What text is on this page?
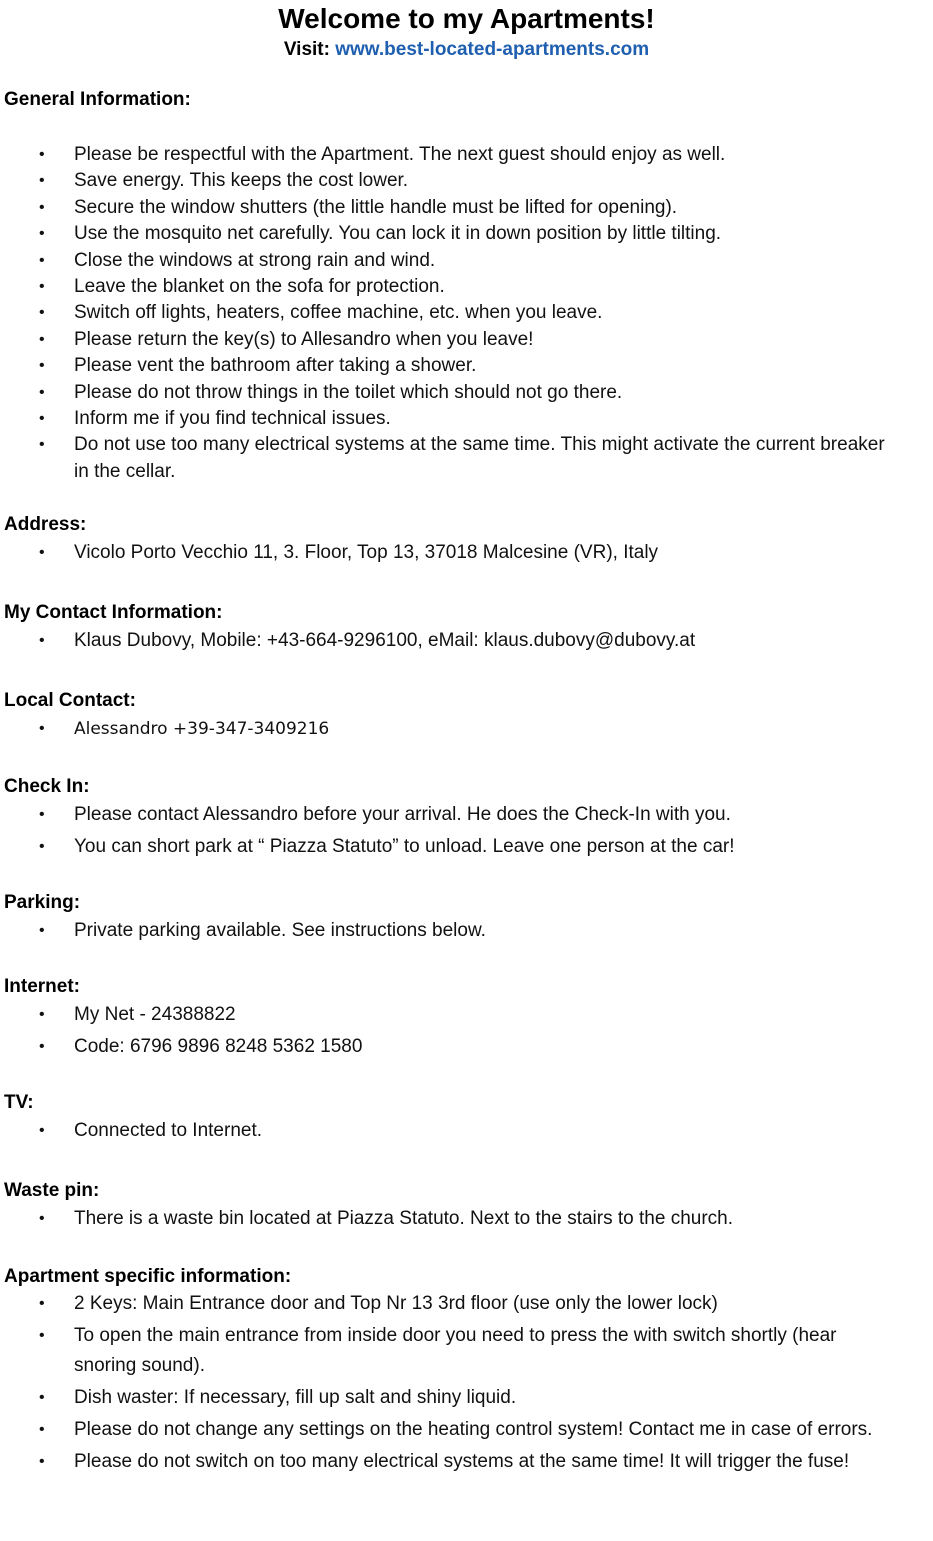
Welcome to my Apartments!
Visit: www.best-located-apartments.com
General Information:
• Please be respectful with the Apartment. The next guest should enjoy as well.
• Save energy. This keeps the cost lower.
• Secure the window shutters (the little handle must be lifted for opening).
• Use the mosquito net carefully. You can lock it in down position by little tilting.
• Close the windows at strong rain and wind.
• Leave the blanket on the sofa for protection.
• Switch off lights, heaters, coffee machine, etc. when you leave.
• Please return the key(s) to Allesandro when you leave!
• Please vent the bathroom after taking a shower.
• Please do not throw things in the toilet which should not go there.
• Inform me if you find technical issues.
• Do not use too many electrical systems at the same time. This might activate the current breaker in the cellar.
Address:
• Vicolo Porto Vecchio 11, 3. Floor, Top 13, 37018 Malcesine (VR), Italy
My Contact Information:
• Klaus Dubovy, Mobile: +43-664-9296100, eMail: klaus.dubovy@dubovy.at
Local Contact:
• Alessandro +39-347-3409216
Check In:
• Please contact Alessandro before your arrival. He does the Check-In with you.
• You can short park at “ Piazza Statuto” to unload. Leave one person at the car!
Parking:
• Private parking available. See instructions below.
Internet:
• My Net - 24388822
• Code: 6796 9896 8248 5362 1580
TV:
• Connected to Internet.
Waste pin:
• There is a waste bin located at Piazza Statuto. Next to the stairs to the church.
Apartment specific information:
• 2 Keys: Main Entrance door and Top Nr 13 3rd floor (use only the lower lock)
• To open the main entrance from inside door you need to press the with switch shortly (hear snoring sound).
• Dish waster: If necessary, fill up salt and shiny liquid.
• Please do not change any settings on the heating control system! Contact me in case of errors.
• Please do not switch on too many electrical systems at the same time! It will trigger the fuse!
